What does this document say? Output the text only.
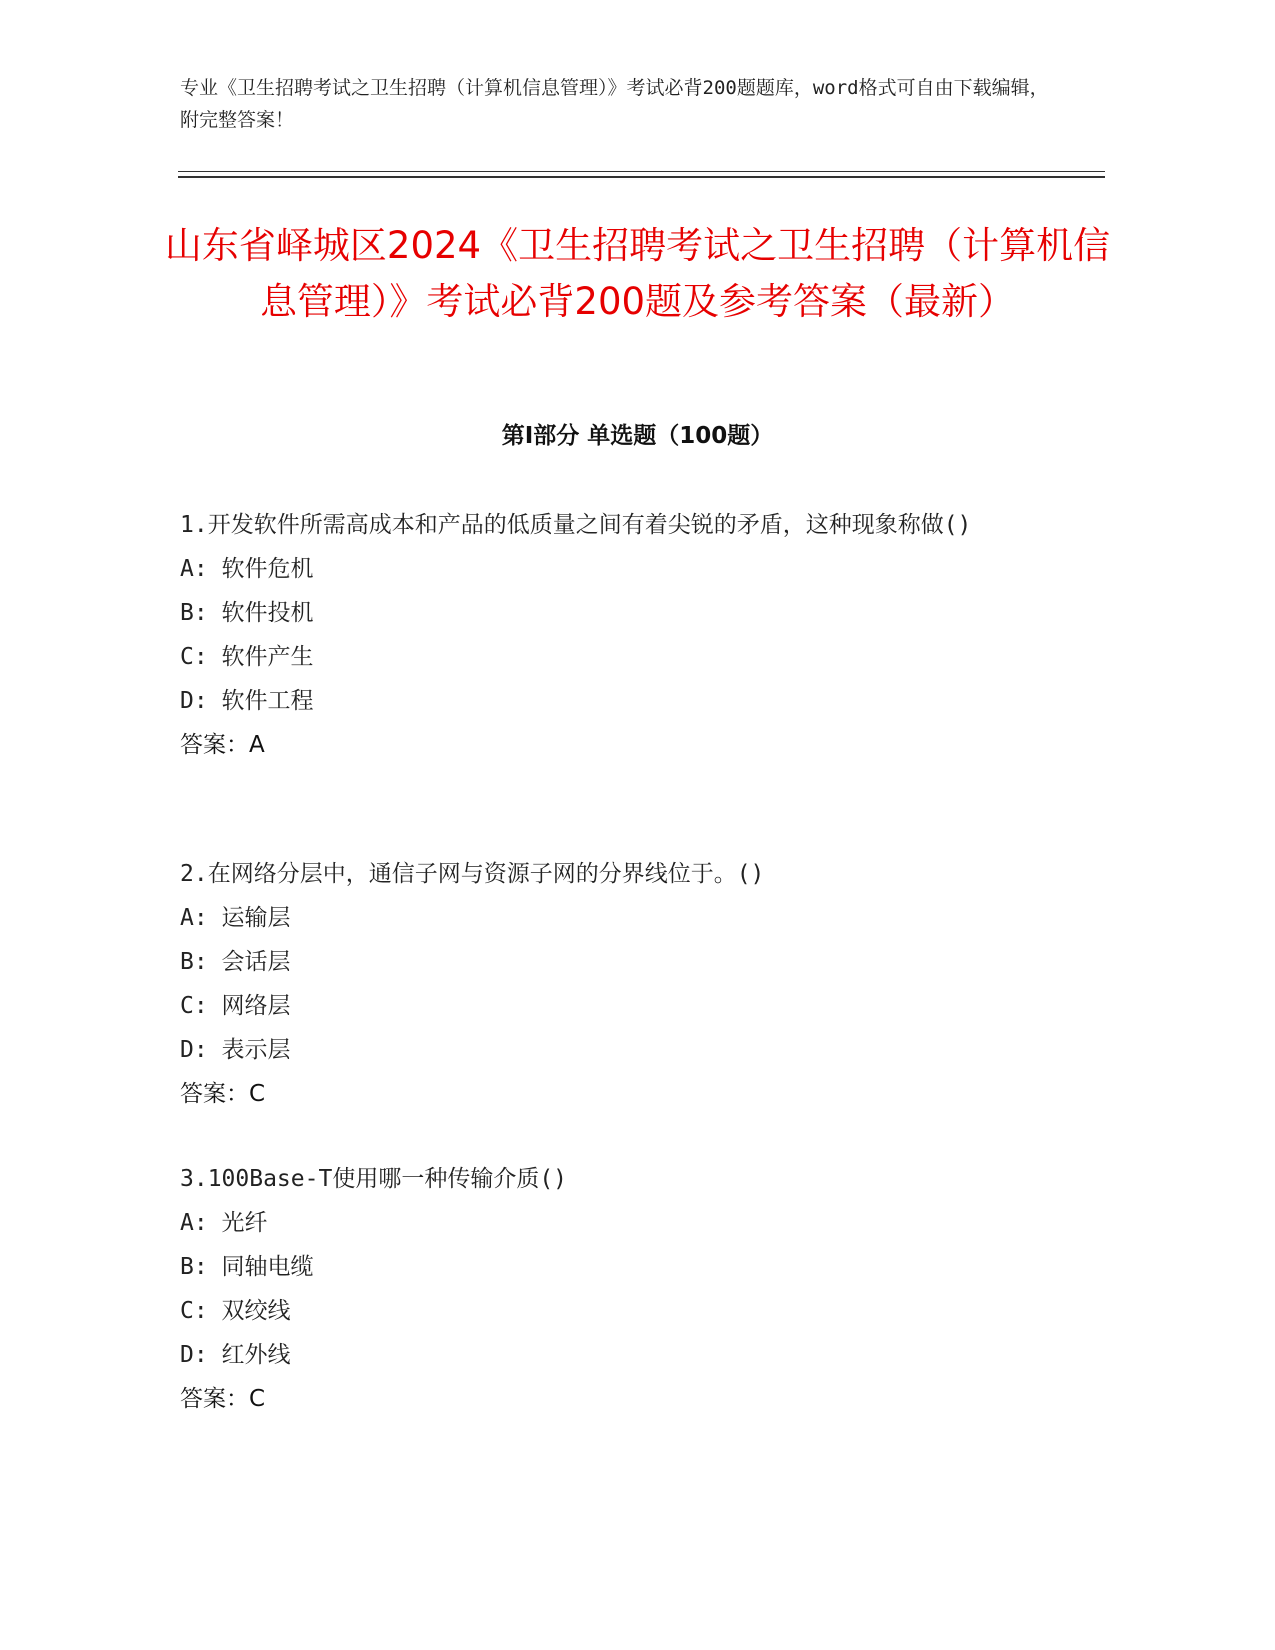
专业《卫生招聘考试之卫生招聘（计算机信息管理）》考试必背200题题库，word格式可自由下载编辑，附完整答案！
山东省峄城区2024《卫生招聘考试之卫生招聘（计算机信息管理）》考试必背200题及参考答案（最新）
第Ⅰ部分 单选题（100题）

1.开发软件所需高成本和产品的低质量之间有着尖锐的矛盾，这种现象称做()

A: 软件危机

B: 软件投机

C: 软件产生

D: 软件工程

答案：A

2.在网络分层中，通信子网与资源子网的分界线位于。()

A: 运输层

B: 会话层

C: 网络层

D: 表示层

答案：C

3.100Base-T使用哪一种传输介质()

A: 光纤

B: 同轴电缆

C: 双绞线

D: 红外线

答案：C
